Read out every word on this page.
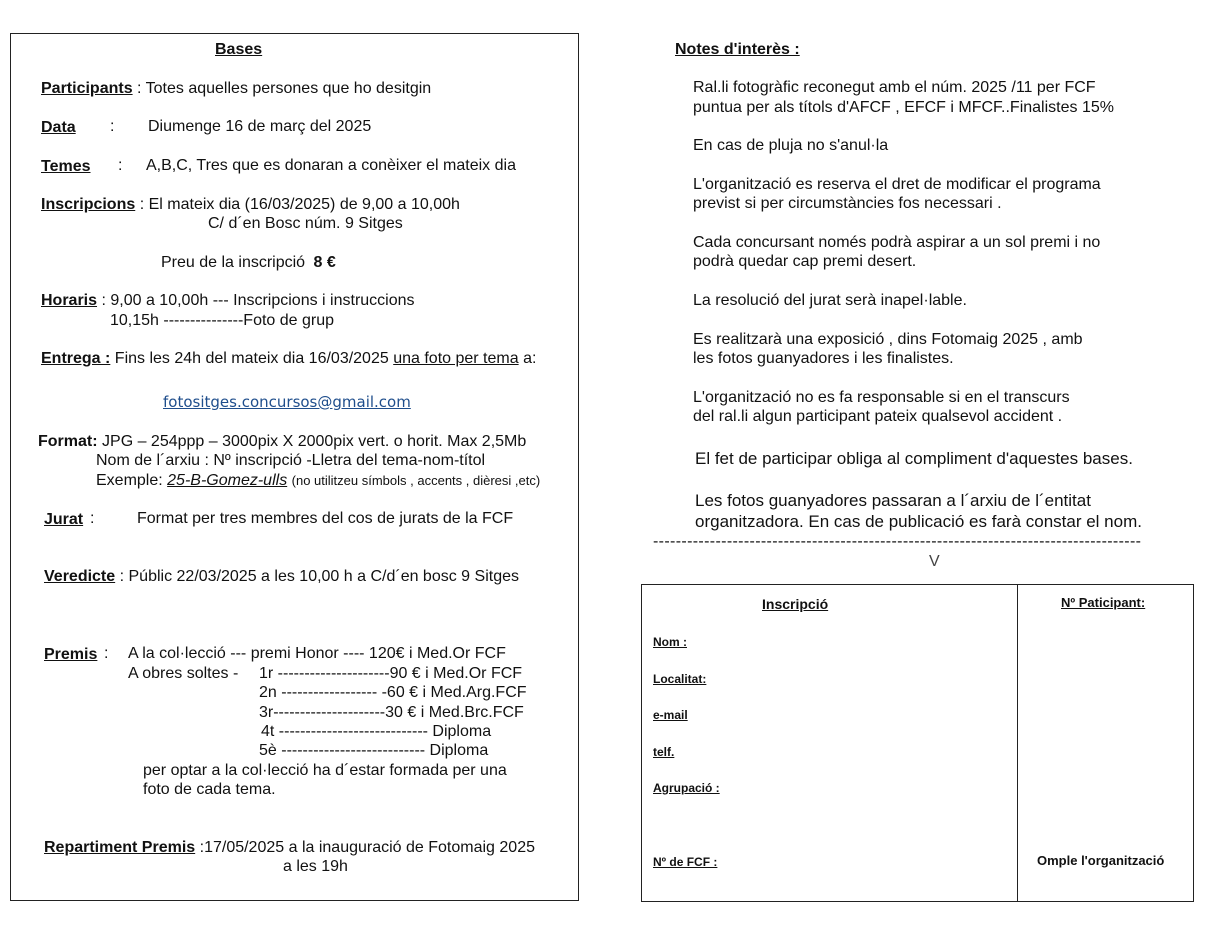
Bases
Participants : Totes aquelles persones que ho desitgin
Data : Diumenge 16 de març del 2025
Temes : A,B,C, Tres que es donaran a conèixer el mateix dia
Inscripcions : El mateix dia (16/03/2025) de 9,00 a 10,00h
C/ d´en Bosc núm. 9 Sitges
Preu de la inscripció 8 €
Horaris : 9,00 a 10,00h --- Inscripcions i instruccions
10,15h ---------------Foto de grup
Entrega : Fins les 24h del mateix dia 16/03/2025 una foto per tema a:
fotositges.concursos@gmail.com
Format: JPG – 254ppp – 3000pix X 2000pix vert. o horit. Max 2,5Mb
Nom de l´arxiu : Nº inscripció -Lletra del tema-nom-títol
Exemple: 25-B-Gomez-ulls (no utilitzeu símbols , accents , dièresi ,etc)
Jurat :	Format per tres membres del cos de jurats de la FCF
Veredicte : Públic 22/03/2025 a les 10,00 h a C/d´en bosc 9 Sitges
Premis : A la col·lecció --- premi Honor ---- 120€ i Med.Or FCF
A obres soltes - 1r ---------------------90 € i Med.Or FCF
2n ------------------ -60 € i Med.Arg.FCF
3r---------------------30 € i Med.Brc.FCF
4t ---------------------------- Diploma
5è --------------------------- Diploma
per optar a la col·lecció ha d´estar formada per una
foto de cada tema.
Repartiment Premis :17/05/2025 a la inauguració de Fotomaig 2025
a les 19h
Notes d'interès :
Ral.li fotogràfic reconegut amb el núm. 2025 /11 per FCF
puntua per als títols d'AFCF , EFCF i MFCF..Finalistes 15%
En cas de pluja no s'anul·la
L'organització es reserva el dret de modificar el programa
previst si per circumstàncies fos necessari .
Cada concursant només podrà aspirar a un sol premi i no
podrà quedar cap premi desert.
La resolució del jurat serà inapel·lable.
Es realitzarà una exposició , dins Fotomaig 2025 , amb
les fotos guanyadores i les finalistes.
L'organització no es fa responsable si en el transcurs
del ral.li algun participant pateix qualsevol accident .
El fet de participar obliga al compliment d'aquestes bases.
Les fotos guanyadores passaran a l´arxiu de l´entitat
organitzadora. En cas de publicació es farà constar el nom.
--------------------------------------------------------------------------------------
V
Inscripció
Nom :
Localitat:
e-mail
telf.
Agrupació :
Nº de FCF :
Nº Paticipant:
Omple l'organització
